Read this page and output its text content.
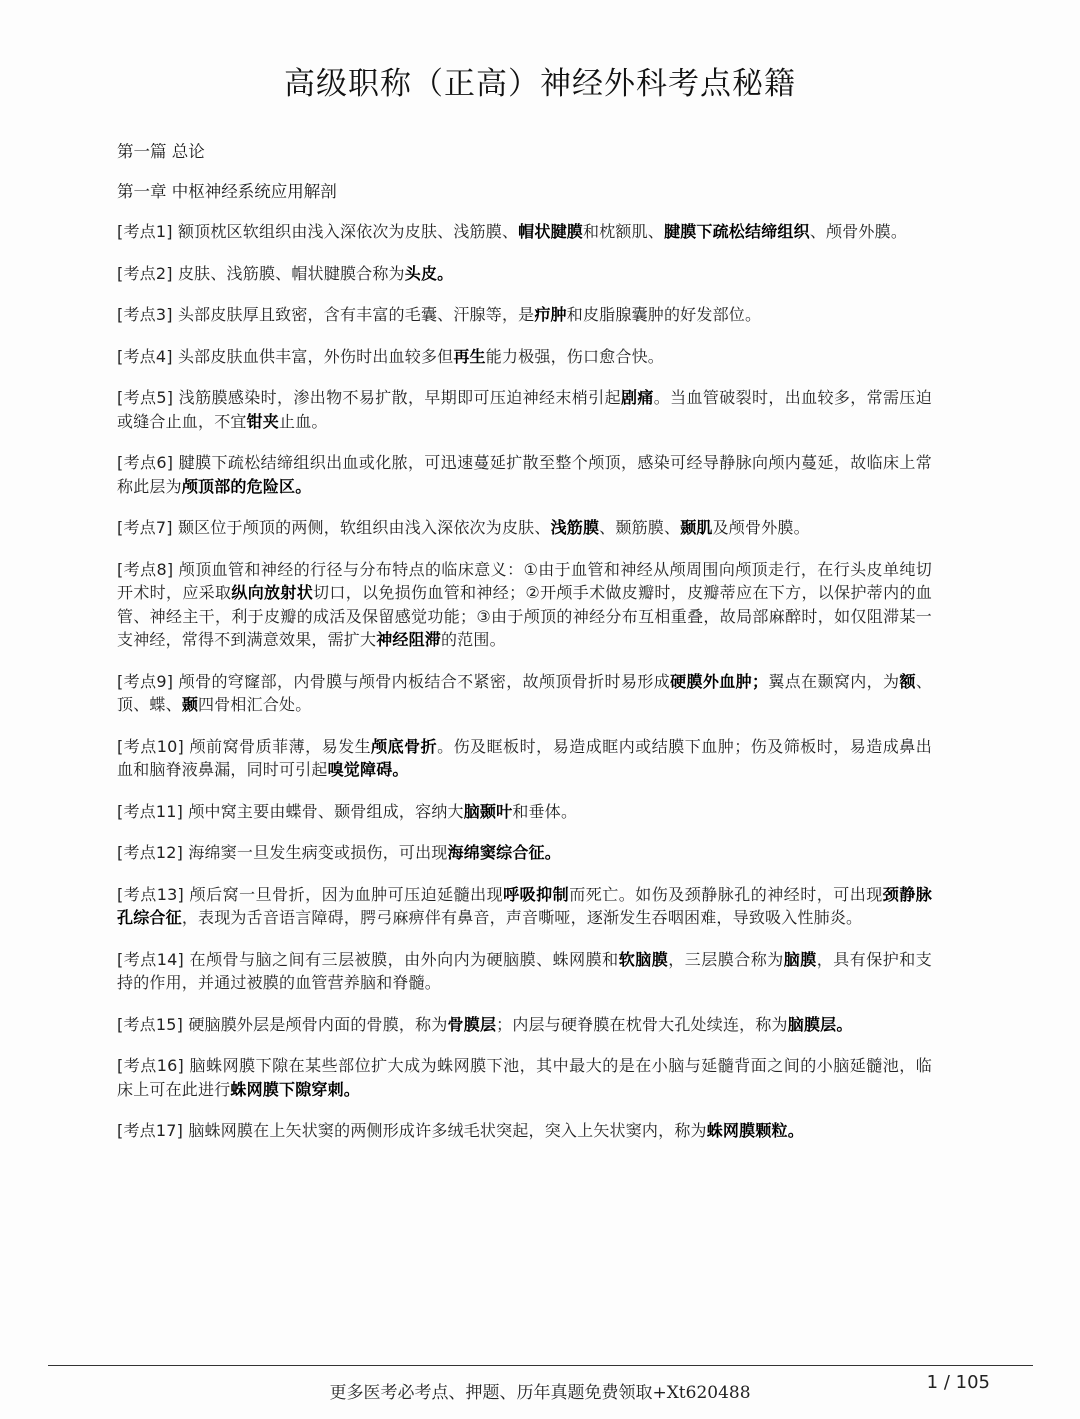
高级职称（正高）神经外科考点秘籍
第一篇 总论
第一章 中枢神经系统应用解剖
[考点1] 额顶枕区软组织由浅入深依次为皮肤、浅筋膜、帽状腱膜和枕额肌、腱膜下疏松结缔组织、颅骨外膜。
[考点2] 皮肤、浅筋膜、帽状腱膜合称为头皮。
[考点3] 头部皮肤厚且致密，含有丰富的毛囊、汗腺等，是疖肿和皮脂腺囊肿的好发部位。
[考点4] 头部皮肤血供丰富，外伤时出血较多但再生能力极强，伤口愈合快。
[考点5] 浅筋膜感染时，渗出物不易扩散，早期即可压迫神经末梢引起剧痛。当血管破裂时，出血较多，常需压迫或缝合止血，不宜钳夹止血。
[考点6] 腱膜下疏松结缔组织出血或化脓，可迅速蔓延扩散至整个颅顶，感染可经导静脉向颅内蔓延，故临床上常称此层为颅顶部的危险区。
[考点7] 颞区位于颅顶的两侧，软组织由浅入深依次为皮肤、浅筋膜、颞筋膜、颞肌及颅骨外膜。
[考点8] 颅顶血管和神经的行径与分布特点的临床意义：①由于血管和神经从颅周围向颅顶走行，在行头皮单纯切开术时，应采取纵向放射状切口，以免损伤血管和神经；②开颅手术做皮瓣时，皮瓣蒂应在下方，以保护蒂内的血管、神经主干，利于皮瓣的成活及保留感觉功能；③由于颅顶的神经分布互相重叠，故局部麻醉时，如仅阻滞某一支神经，常得不到满意效果，需扩大神经阻滞的范围。
[考点9] 颅骨的穹窿部，内骨膜与颅骨内板结合不紧密，故颅顶骨折时易形成硬膜外血肿；翼点在颞窝内，为额、顶、蝶、颞四骨相汇合处。
[考点10] 颅前窝骨质菲薄，易发生颅底骨折。伤及眶板时，易造成眶内或结膜下血肿；伤及筛板时，易造成鼻出血和脑脊液鼻漏，同时可引起嗅觉障碍。
[考点11] 颅中窝主要由蝶骨、颞骨组成，容纳大脑颞叶和垂体。
[考点12] 海绵窦一旦发生病变或损伤，可出现海绵窦综合征。
[考点13] 颅后窝一旦骨折，因为血肿可压迫延髓出现呼吸抑制而死亡。如伤及颈静脉孔的神经时，可出现颈静脉孔综合征，表现为舌音语言障碍，腭弓麻痹伴有鼻音，声音嘶哑，逐渐发生吞咽困难，导致吸入性肺炎。
[考点14] 在颅骨与脑之间有三层被膜，由外向内为硬脑膜、蛛网膜和软脑膜，三层膜合称为脑膜，具有保护和支持的作用，并通过被膜的血管营养脑和脊髓。
[考点15] 硬脑膜外层是颅骨内面的骨膜，称为骨膜层；内层与硬脊膜在枕骨大孔处续连，称为脑膜层。
[考点16] 脑蛛网膜下隙在某些部位扩大成为蛛网膜下池，其中最大的是在小脑与延髓背面之间的小脑延髓池，临床上可在此进行蛛网膜下隙穿刺。
[考点17] 脑蛛网膜在上矢状窦的两侧形成许多绒毛状突起，突入上矢状窦内，称为蛛网膜颗粒。
更多医考必考点、押题、历年真题免费领取+Xt620488	1 / 105
